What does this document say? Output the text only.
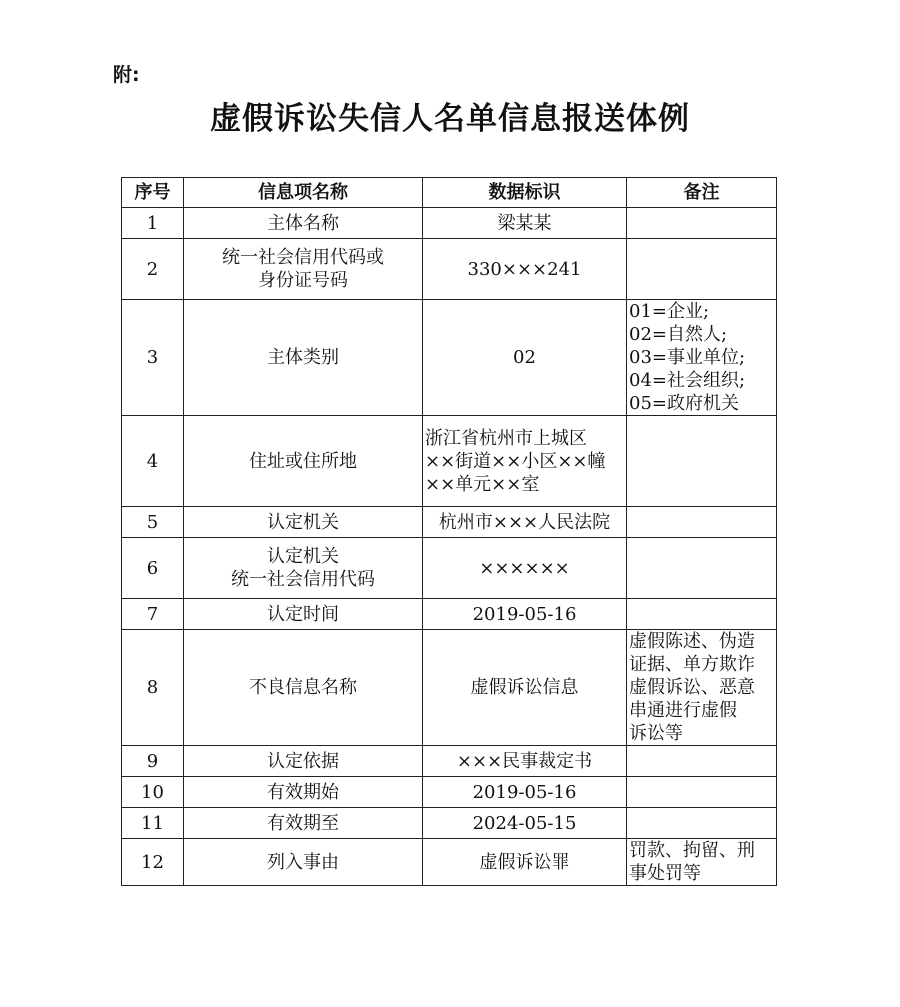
附:
虚假诉讼失信人名单信息报送体例
序号	信息项名称	数据标识	备注
1	主体名称	梁某某	

2	统一社会信用代码或
身份证号码	330×××241	

3	主体类别	02	01=企业;
02=自然人;
03=事业单位;
04=社会组织;
05=政府机关

4	住址或住所地	浙江省杭州市上城区
××街道××小区××幢
××单元××室	

5	认定机关	杭州市×××人民法院	

6	认定机关
统一社会信用代码	××××××	

7	认定时间	2019-05-16	

8	不良信息名称	虚假诉讼信息	虚假陈述、伪造
证据、单方欺诈
虚假诉讼、恶意
串通进行虚假
诉讼等

9	认定依据	×××民事裁定书	

10	有效期始	2019-05-16	

11	有效期至	2024-05-15	

12	列入事由	虚假诉讼罪	罚款、拘留、刑
事处罚等
